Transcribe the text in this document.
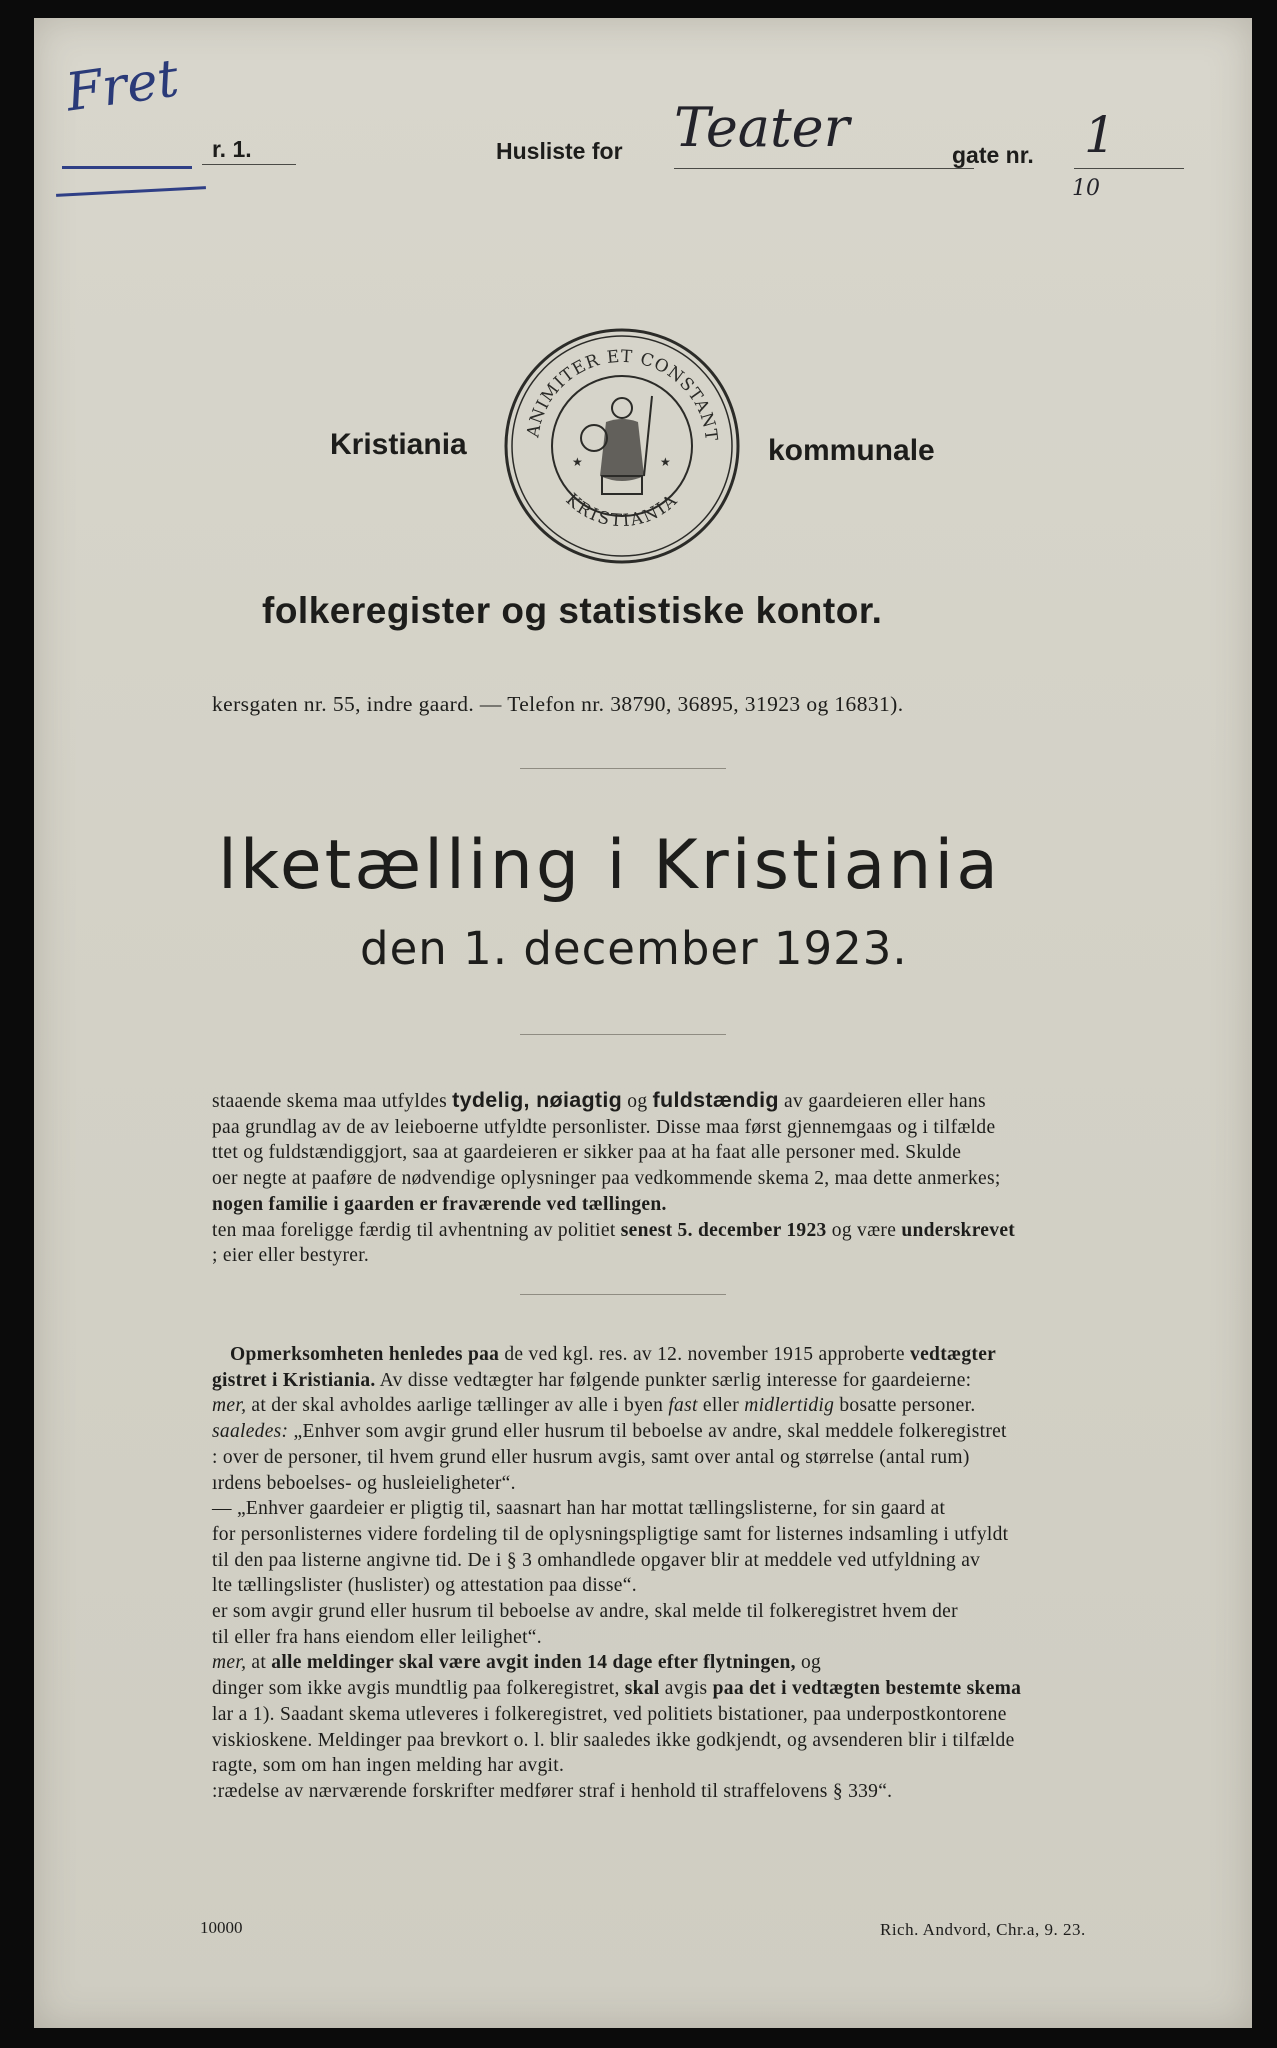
Fret
r. 1.	Husliste for Teater	gate nr. 1
10
Kristiania	ANIMITER ET CONSTANT
KRISTIANIA
★	★	kommunale
folkeregister og statistiske kontor.
kersgaten nr. 55, indre gaard. — Telefon nr. 38790, 36895, 31923 og 16831).
lketælling i Kristiania
den 1. december 1923.
staaende skema maa utfyldes tydelig, nøiagtig og fuldstændig av gaardeieren eller hans
paa grundlag av de av leieboerne utfyldte personlister. Disse maa først gjennemgaas og i tilfælde
ttet og fuldstændiggjort, saa at gaardeieren er sikker paa at ha faat alle personer med. Skulde
oer negte at paaføre de nødvendige oplysninger paa vedkommende skema 2, maa dette anmerkes;
nogen familie i gaarden er fraværende ved tællingen.
ten maa foreligge færdig til avhentning av politiet senest 5. december 1923 og være underskrevet
; eier eller bestyrer.
Opmerksomheten henledes paa de ved kgl. res. av 12. november 1915 approberte vedtægter
gistret i Kristiania. Av disse vedtægter har følgende punkter særlig interesse for gaardeierne:
mer, at der skal avholdes aarlige tællinger av alle i byen fast eller midlertidig bosatte personer.
saaledes: „Enhver som avgir grund eller husrum til beboelse av andre, skal meddele folkeregistret
: over de personer, til hvem grund eller husrum avgis, samt over antal og størrelse (antal rum)
ırdens beboelses- og husleieligheter“.
— „Enhver gaardeier er pligtig til, saasnart han har mottat tællingslisterne, for sin gaard at
for personlisternes videre fordeling til de oplysningspligtige samt for listernes indsamling i utfyldt
til den paa listerne angivne tid. De i § 3 omhandlede opgaver blir at meddele ved utfyldning av
lte tællingslister (huslister) og attestation paa disse“.
er som avgir grund eller husrum til beboelse av andre, skal melde til folkeregistret hvem der
til eller fra hans eiendom eller leilighet“.
mer, at alle meldinger skal være avgit inden 14 dage efter flytningen, og
dinger som ikke avgis mundtlig paa folkeregistret, skal avgis paa det i vedtægten bestemte skema
lar a 1). Saadant skema utleveres i folkeregistret, ved politiets bistationer, paa underpostkontorene
viskioskene. Meldinger paa brevkort o. l. blir saaledes ikke godkjendt, og avsenderen blir i tilfælde
ragte, som om han ingen melding har avgit.
:rædelse av nærværende forskrifter medfører straf i henhold til straffelovens § 339“.
10000	Rich. Andvord, Chr.a, 9. 23.
